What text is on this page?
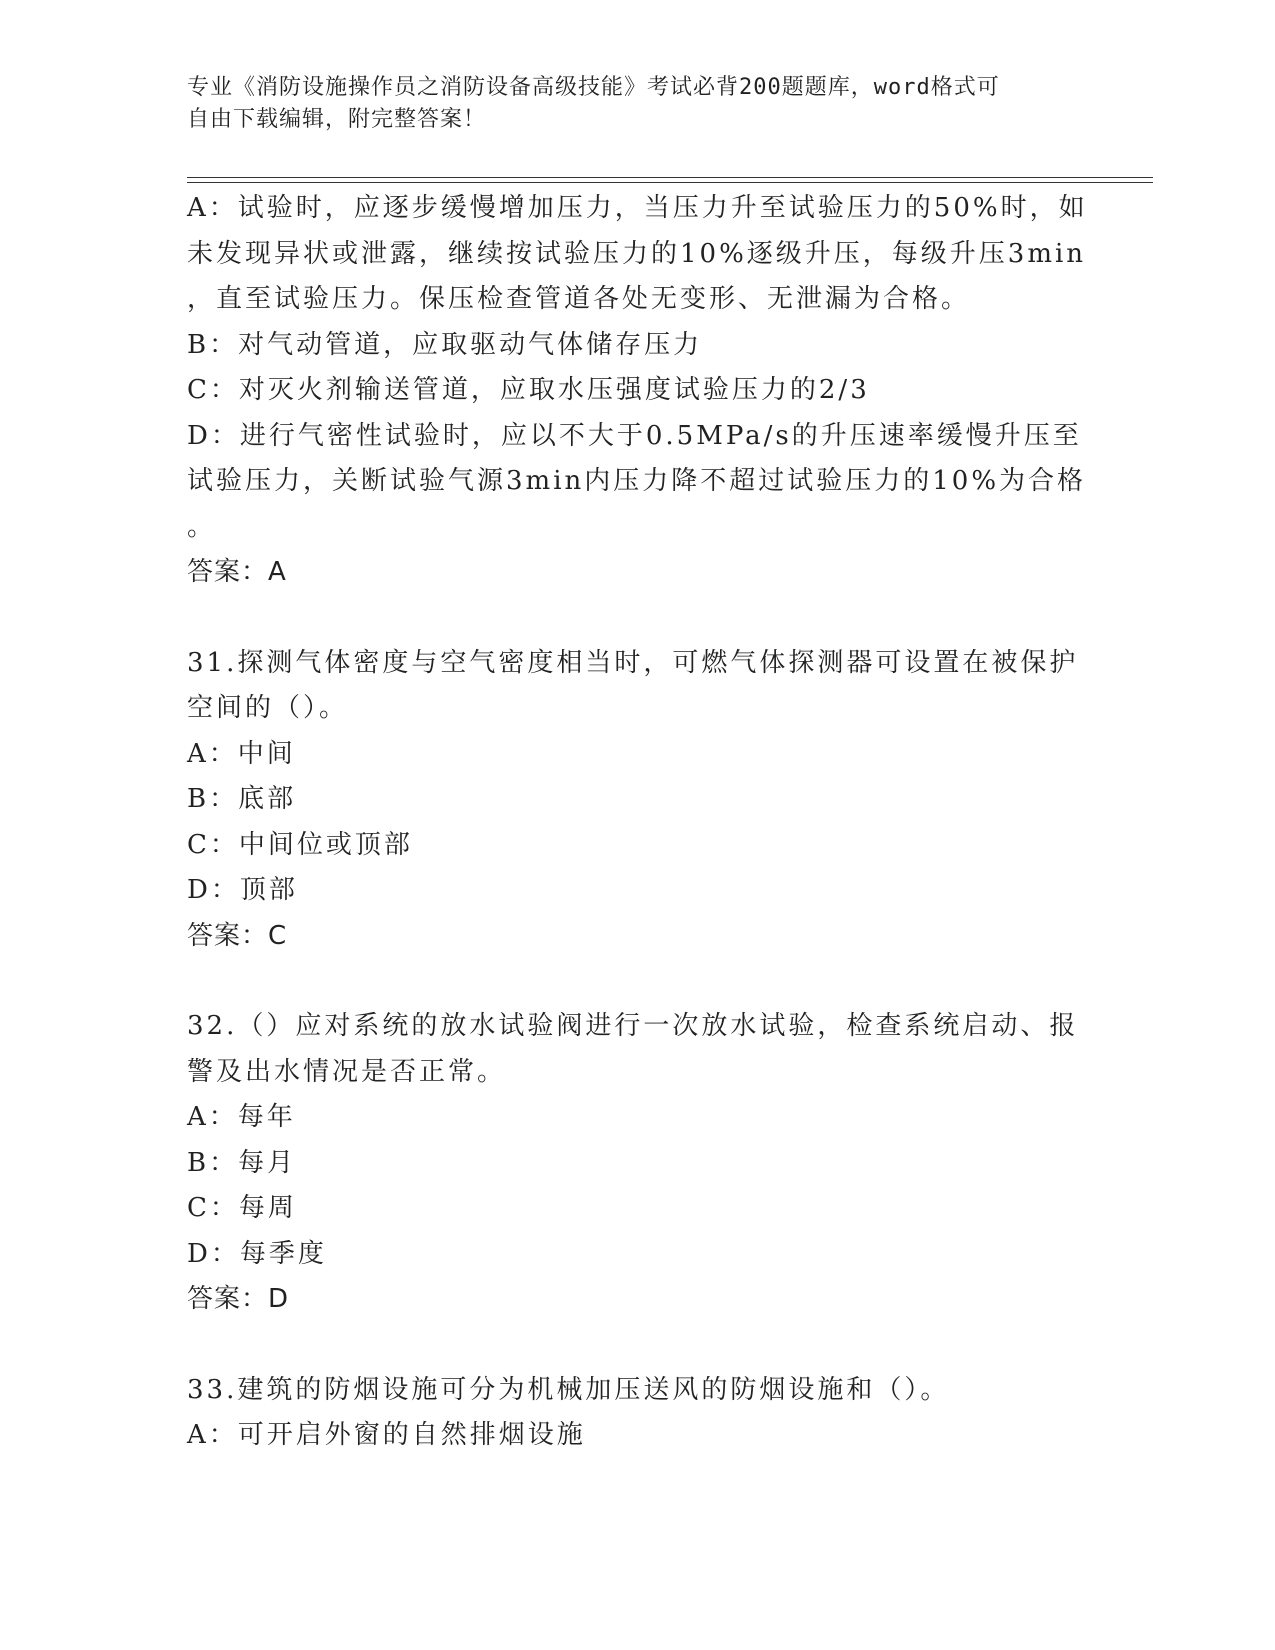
专业《消防设施操作员之消防设备高级技能》考试必背200题题库，word格式可
自由下载编辑，附完整答案！
A：试验时，应逐步缓慢增加压力，当压力升至试验压力的50%时，如
未发现异状或泄露，继续按试验压力的10%逐级升压，每级升压3min
，直至试验压力。保压检查管道各处无变形、无泄漏为合格。
B：对气动管道，应取驱动气体储存压力
C：对灭火剂输送管道，应取水压强度试验压力的2/3
D：进行气密性试验时，应以不大于0.5MPa/s的升压速率缓慢升压至
试验压力，关断试验气源3min内压力降不超过试验压力的10%为合格
。
答案：A
31.探测气体密度与空气密度相当时，可燃气体探测器可设置在被保护
空间的（）。
A：中间
B：底部
C：中间位或顶部
D：顶部
答案：C
32.（）应对系统的放水试验阀进行一次放水试验，检查系统启动、报
警及出水情况是否正常。
A：每年
B：每月
C：每周
D：每季度
答案：D
33.建筑的防烟设施可分为机械加压送风的防烟设施和（）。
A：可开启外窗的自然排烟设施
